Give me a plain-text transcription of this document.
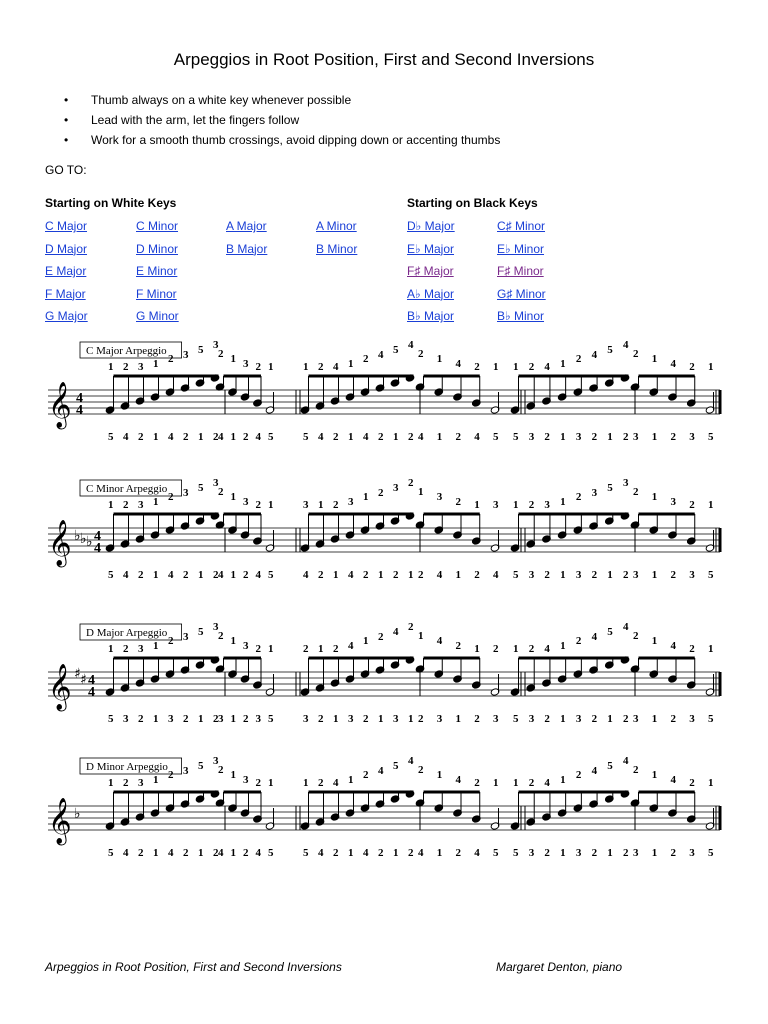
Arpeggios in Root Position, First and Second Inversions
• Thumb always on a white key whenever possible
• Lead with the arm, let the fingers follow
• Work for a smooth thumb crossings, avoid dipping down or accenting thumbs
GO TO:
Starting on White Keys	Starting on Black Keys
C Major
D Major
E Major
F Major
G Major
C Minor
D Minor
E Minor
F Minor
G Minor
A Major
B Major
A Minor
B Minor
D♭ Major
E♭ Major
F♯ Major
A♭ Major
B♭ Major
C♯ Minor
E♭ Minor
F♯ Minor
G♯ Minor
B♭ Minor
C Major Arpeggio
𝄞 4
4
1 2 3 1 2 3 5 3
5 4 2 1 4 2 1 2
2 1 3 2 1
4 1 2 4 5
1 2 4 1 2 4 5 4
5 4 2 1 4 2 1 2
2 1 4 2 1
4 1 2 4 5
1 2 4 1 2 4 5 4
5 3 2 1 3 2 1 2
2 1 4 2 1
3 1 2 3 5
C Minor Arpeggio
𝄞 ♭ ♭ ♭ 4
4
1 2 3 1 2 3 5 3
5 4 2 1 4 2 1 2
2 1 3 2 1
4 1 2 4 5
3 1 2 3 1 2 3 2
4 2 1 4 2 1 2 1
1 3 2 1 3
2 4 1 2 4
1 2 3 1 2 3 5 3
5 3 2 1 3 2 1 2
2 1 3 2 1
3 1 2 3 5
D Major Arpeggio
𝄞 ♯ ♯ 4
4
1 2 3 1 2 3 5 3
5 3 2 1 3 2 1 2
2 1 3 2 1
3 1 2 3 5
2 1 2 4 1 2 4 2
3 2 1 3 2 1 3 1
1 4 2 1 2
2 3 1 2 3
1 2 4 1 2 4 5 4
5 3 2 1 3 2 1 2
2 1 4 2 1
3 1 2 3 5
D Minor Arpeggio
𝄞 ♭
1 2 3 1 2 3 5 3
5 4 2 1 4 2 1 2
2 1 3 2 1
4 1 2 4 5
1 2 4 1 2 4 5 4
5 4 2 1 4 2 1 2
2 1 4 2 1
4 1 2 4 5
1 2 4 1 2 4 5 4
5 3 2 1 3 2 1 2
2 1 4 2 1
3 1 2 3 5
Arpeggios in Root Position, First and Second Inversions	Margaret Denton, piano
